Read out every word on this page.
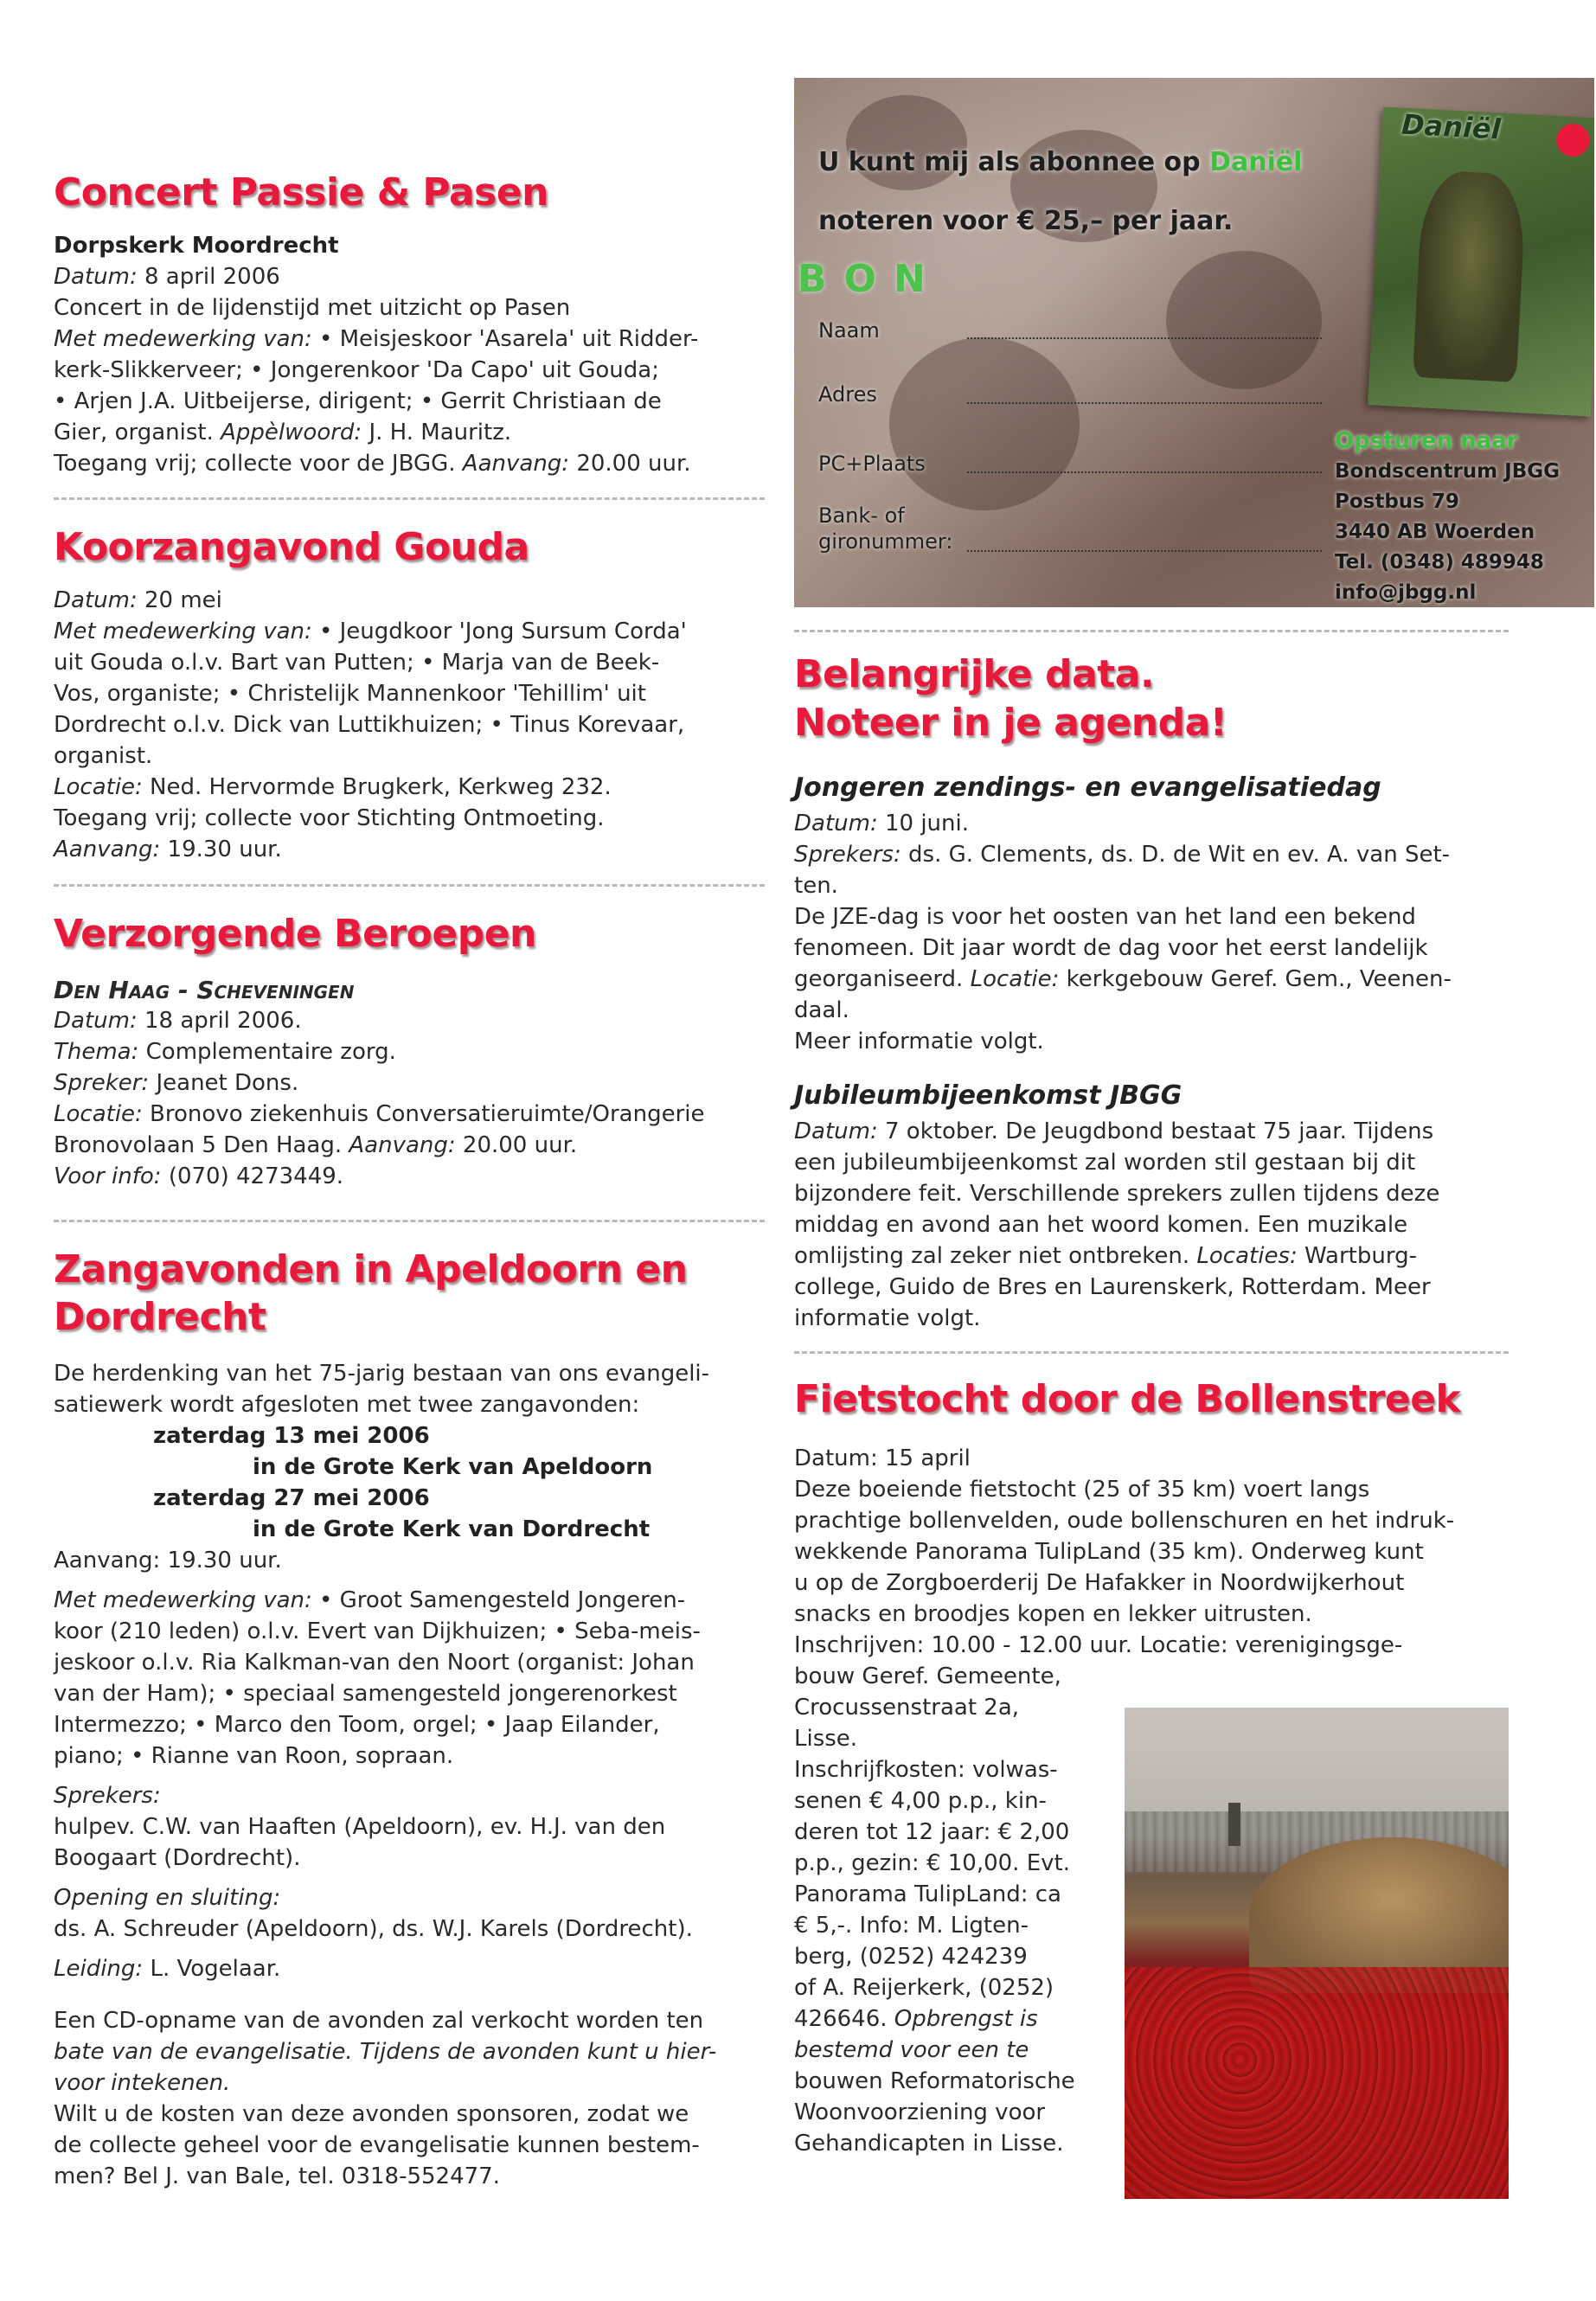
Concert Passie & Pasen
Dorpskerk Moordrecht
Datum: 8 april 2006
Concert in de lijdenstijd met uitzicht op Pasen
Met medewerking van: • Meisjeskoor 'Asarela' uit Ridder-
kerk-Slikkerveer; • Jongerenkoor 'Da Capo' uit Gouda;
• Arjen J.A. Uitbeijerse, dirigent; • Gerrit Christiaan de
Gier, organist. Appèlwoord: J. H. Mauritz.
Toegang vrij; collecte voor de JBGG. Aanvang: 20.00 uur.
Koorzangavond Gouda
Datum: 20 mei
Met medewerking van: • Jeugdkoor 'Jong Sursum Corda'
uit Gouda o.l.v. Bart van Putten; • Marja van de Beek-
Vos, organiste; • Christelijk Mannenkoor 'Tehillim' uit
Dordrecht o.l.v. Dick van Luttikhuizen; • Tinus Korevaar,
organist.
Locatie: Ned. Hervormde Brugkerk, Kerkweg 232.
Toegang vrij; collecte voor Stichting Ontmoeting.
Aanvang: 19.30 uur.
Verzorgende Beroepen
Den Haag - Scheveningen
Datum: 18 april 2006.
Thema: Complementaire zorg.
Spreker: Jeanet Dons.
Locatie: Bronovo ziekenhuis Conversatieruimte/Orangerie
Bronovolaan 5 Den Haag. Aanvang: 20.00 uur.
Voor info: (070) 4273449.
Zangavonden in Apeldoorn en
Dordrecht
De herdenking van het 75-jarig bestaan van ons evangeli-
satiewerk wordt afgesloten met twee zangavonden:
zaterdag 13 mei 2006
in de Grote Kerk van Apeldoorn
zaterdag 27 mei 2006
in de Grote Kerk van Dordrecht
Aanvang: 19.30 uur.
Met medewerking van: • Groot Samengesteld Jongeren-
koor (210 leden) o.l.v. Evert van Dijkhuizen; • Seba-meis-
jeskoor o.l.v. Ria Kalkman-van den Noort (organist: Johan
van der Ham); • speciaal samengesteld jongerenorkest
Intermezzo; • Marco den Toom, orgel; • Jaap Eilander,
piano; • Rianne van Roon, sopraan.
Sprekers:
hulpev. C.W. van Haaften (Apeldoorn), ev. H.J. van den
Boogaart (Dordrecht).
Opening en sluiting:
ds. A. Schreuder (Apeldoorn), ds. W.J. Karels (Dordrecht).
Leiding: L. Vogelaar.
Een CD-opname van de avonden zal verkocht worden ten
bate van de evangelisatie. Tijdens de avonden kunt u hier-
voor intekenen.
Wilt u de kosten van deze avonden sponsoren, zodat we
de collecte geheel voor de evangelisatie kunnen bestem-
men? Bel J. van Bale, tel. 0318-552477.
U kunt mij als abonnee op Daniël
noteren voor € 25,– per jaar.
BON
Naam
Adres
PC+Plaats
Bank- of
gironummer:
Daniël
Opsturen naar
Bondscentrum JBGG
Postbus 79
3440 AB Woerden
Tel. (0348) 489948
info@jbgg.nl
Belangrijke data.
Noteer in je agenda!
Jongeren zendings- en evangelisatiedag
Datum: 10 juni.
Sprekers: ds. G. Clements, ds. D. de Wit en ev. A. van Set-
ten.
De JZE-dag is voor het oosten van het land een bekend
fenomeen. Dit jaar wordt de dag voor het eerst landelijk
georganiseerd. Locatie: kerkgebouw Geref. Gem., Veenen-
daal.
Meer informatie volgt.
Jubileumbijeenkomst JBGG
Datum: 7 oktober. De Jeugdbond bestaat 75 jaar. Tijdens
een jubileumbijeenkomst zal worden stil gestaan bij dit
bijzondere feit. Verschillende sprekers zullen tijdens deze
middag en avond aan het woord komen. Een muzikale
omlijsting zal zeker niet ontbreken. Locaties: Wartburg-
college, Guido de Bres en Laurenskerk, Rotterdam. Meer
informatie volgt.
Fietstocht door de Bollenstreek
Datum: 15 april
Deze boeiende fietstocht (25 of 35 km) voert langs
prachtige bollenvelden, oude bollenschuren en het indruk-
wekkende Panorama TulipLand (35 km). Onderweg kunt
u op de Zorgboerderij De Hafakker in Noordwijkerhout
snacks en broodjes kopen en lekker uitrusten.
Inschrijven: 10.00 - 12.00 uur. Locatie: verenigingsge-
bouw Geref. Gemeente,
Crocussenstraat 2a,
Lisse.
Inschrijfkosten: volwas-
senen € 4,00 p.p., kin-
deren tot 12 jaar: € 2,00
p.p., gezin: € 10,00. Evt.
Panorama TulipLand: ca
€ 5,-. Info: M. Ligten-
berg, (0252) 424239
of A. Reijerkerk, (0252)
426646. Opbrengst is
bestemd voor een te
bouwen Reformatorische
Woonvoorziening voor
Gehandicapten in Lisse.
